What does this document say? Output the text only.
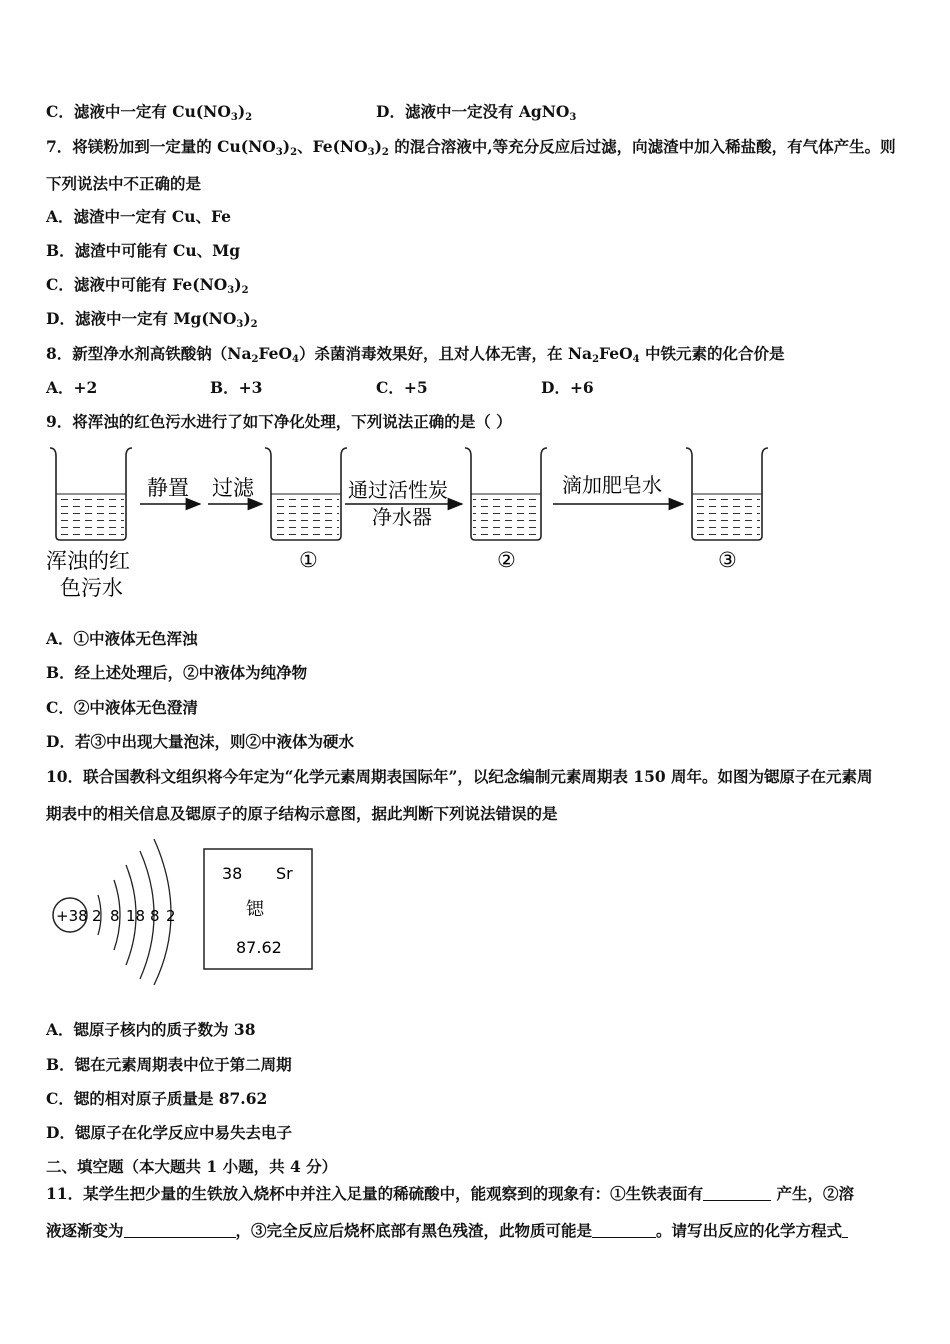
C．滤液中一定有 $Cu(NO_3)_2$	D．滤液中一定没有 AgNO$_3$
7．将镁粉加到一定量的 $Cu(NO_3)_2$、$Fe(NO_3)_2$ 的混合溶液中,等充分反应后过滤，向滤渣中加入稀盐酸，有气体产生。则
下列说法中不正确的是
A．滤渣中一定有 Cu、Fe
B．滤渣中可能有 Cu、Mg
C．滤液中可能有 $Fe(NO_3)_2$
D．滤液中一定有 $Mg(NO_3)_2$
8．新型净水剂高铁酸钠$(Na_2FeO_4)$杀菌消毒效果好，且对人体无害，在 $Na_2FeO_4$ 中铁元素的化合价是
A．+2	B．+3	C．+5	D．+6
9．将浑浊的红色污水进行了如下净化处理，下列说法正确的是（ ）
静置 过滤	通过活性炭
净水器
滴加肥皂水
浑浊的红
色污水
①	②	③
A．①中液体无色浑浊
B．经上述处理后，②中液体为纯净物
C．②中液体无色澄清
D．若③中出现大量泡沫，则②中液体为硬水
10．联合国教科文组织将今年定为“化学元素周期表国际年”，以纪念编制元素周期表 150 周年。如图为锶原子在元素周
期表中的相关信息及锶原子的原子结构示意图，据此判断下列说法错误的是
+38 2 8 18 8 2
38 Sr
锶
87.62
A．锶原子核内的质子数为 38
B．锶在元素周期表中位于第二周期
C．锶的相对原子质量是 87.62
D．锶原子在化学反应中易失去电子
二、填空题（本大题共 1 小题，共 4 分）
11．某学生把少量的生铁放入烧杯中并注入足量的稀硫酸中，能观察到的现象有：①生铁表面有	产生，②溶
液逐渐变为	，③完全反应后烧杯底部有黑色残渣，此物质可能是	。请写出反应的化学方程式
